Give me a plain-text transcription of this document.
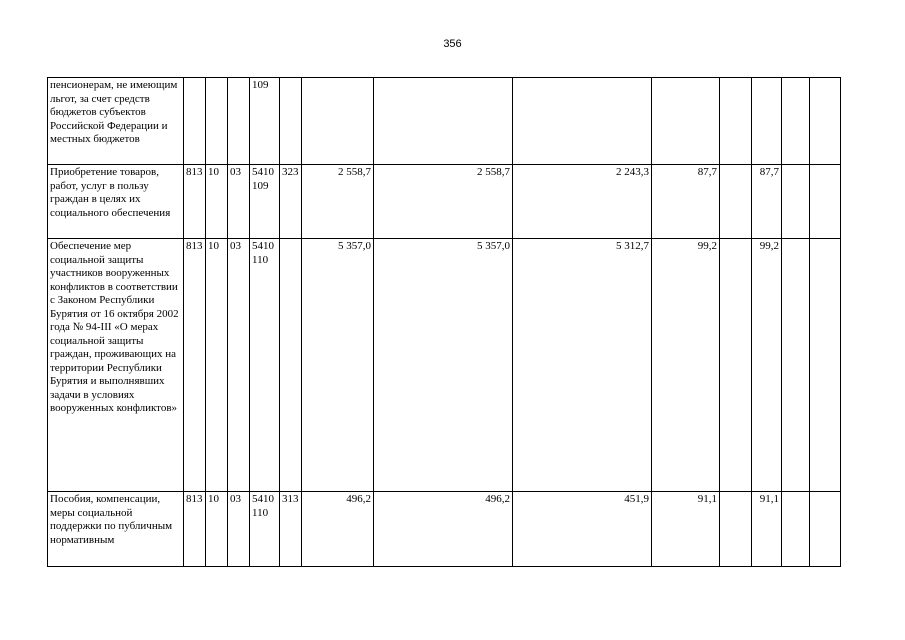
356
пенсионерам, не имеющим льгот, за счет средств бюджетов субъектов Российской Федерации и местных бюджетов				109									
Приобретение товаров, работ, услуг в пользу граждан в целях их социального обеспечения	813	10	03	5410 109	323	2 558,7	2 558,7	2 243,3	87,7		87,7		
Обеспечение мер социальной защиты участников вооруженных конфликтов в соответствии с Законом Республики Бурятия от 16 октября 2002 года № 94-III «О мерах социальной защиты граждан, проживающих на территории Республики Бурятия и выполнявших задачи в условиях вооруженных конфликтов»	813	10	03	5410 110		5 357,0	5 357,0	5 312,7	99,2		99,2		
Пособия, компенсации, меры социальной поддержки по публичным нормативным	813	10	03	5410 110	313	496,2	496,2	451,9	91,1		91,1		
